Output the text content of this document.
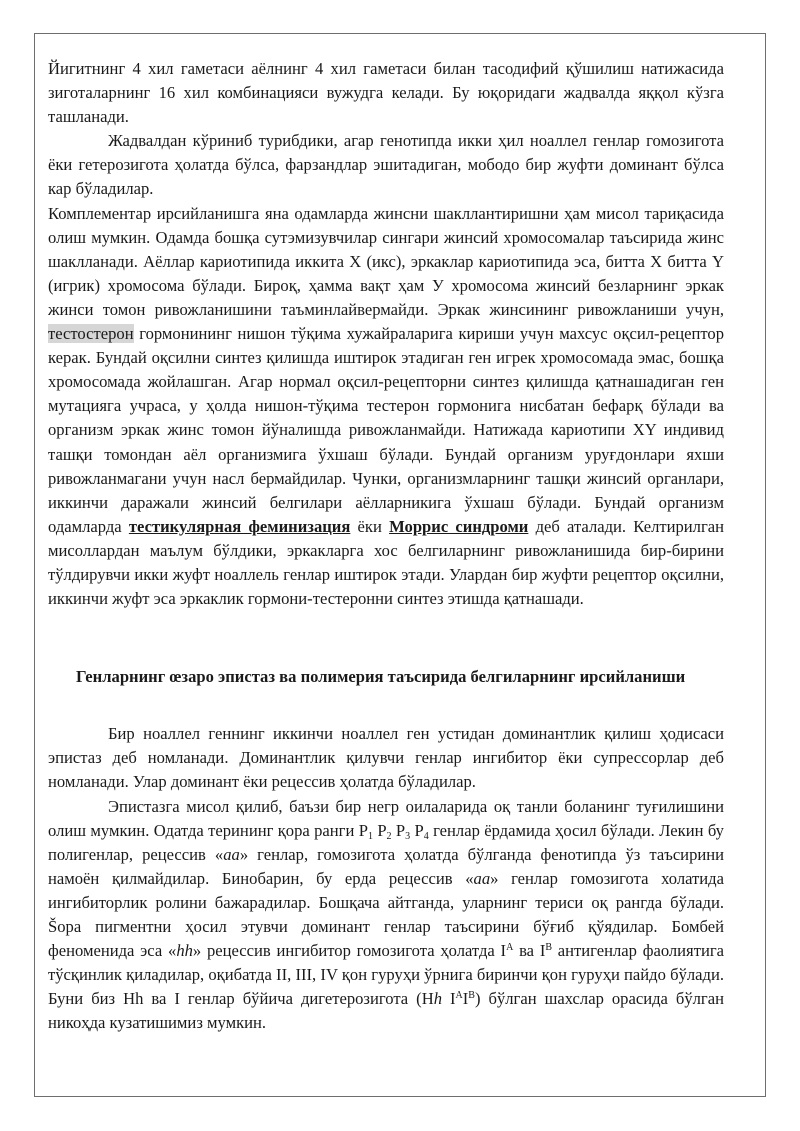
Йигитнинг 4 хил гаметаси аёлнинг 4 хил гаметаси билан тасодифий қўшилиш натижасида зиготаларнинг 16 хил комбинацияси вужудга келади. Бу юқоридаги жадвалда яққол кўзга ташланади.

Жадвалдан кўриниб турибдики, агар генотипда икки ҳил ноаллел генлар гомозигота ёки гетерозигота ҳолатда бўлса, фарзандлар эшитадиган, мободо бир жуфти доминант бўлса кар бўладилар.

Комплементар ирсийланишга яна одамларда жинсни шакллантиришни ҳам мисол тариқасида олиш мумкин. Одамда бошқа сутэмизувчилар сингари жинсий хромосомалар таъсирида жинс шаклланади. Аёллар кариотипида иккита X (икс), эркаклар кариотипида эса, битта X битта Y (игрик) хромосома бўлади. Бироқ, ҳамма вақт ҳам У хромосома жинсий безларнинг эркак жинси томон ривожланишини таъминлайвермайди. Эркак жинсининг ривожланиши учун, тестостерон гормонининг нишон тўқима хужайраларига кириши учун махсус оқсил-рецептор керак. Бундай оқсилни синтез қилишда иштирок этадиган ген игрек хромосомада эмас, бошқа хромосомада жойлашган. Агар нормал оқсил-рецепторни синтез қилишда қатнашадиган ген мутацияга учраса, у ҳолда нишон-тўқима тестерон гормонига нисбатан бефарқ бўлади ва организм эркак жинс томон йўналишда ривожланмайди. Натижада кариотипи XY индивид ташқи томондан аёл организмига ўхшаш бўлади. Бундай организм уруғдонлари яхши ривожланмагани учун насл бермайдилар. Чунки, организмларнинг ташқи жинсий органлари, иккинчи даражали жинсий белгилари аёлларникига ўхшаш бўлади. Бундай организм одамларда тестикулярная феминизация ёки Моррис синдроми деб аталади. Келтирилган мисоллардан маълум бўлдики, эркакларга хос белгиларнинг ривожланишида бир-бирини тўлдирувчи икки жуфт ноаллель генлар иштирок этади. Улардан бир жуфти рецептор оқсилни, иккинчи жуфт эса эркаклик гормони-тестеронни синтез этишда қатнашади.

Генларнинг œзаро эпистаз ва полимерия таъсирида белгиларнинг ирсийланиши

Бир ноаллел геннинг иккинчи ноаллел ген устидан доминантлик қилиш ҳодисаси эпистаз деб номланади. Доминантлик қилувчи генлар ингибитор ёки супрессорлар деб номланади. Улар доминант ёки рецессив ҳолатда бўладилар.

Эпистазга мисол қилиб, баъзи бир негр оилаларида оқ танли боланинг туғилишини олиш мумкин. Одатда терининг қора ранги $P_1$ $P_2$ $P_3$ $P_4$ генлар ёрдамида ҳосил бўлади. Лекин бу полигенлар, рецессив «аа» генлар, гомозигота ҳолатда бўлганда фенотипда ўз таъсирини намоён қилмайдилар. Бинобарин, бу ерда рецессив «аа» генлар гомозигота холатида ингибиторлик ролини бажарадилар. Бошқача айтганда, уларнинг териси оқ рангда бўлади. Šора пигментни ҳосил этувчи доминант генлар таъсирини бўғиб қўядилар. Бомбей феноменида эса «hh» рецессив ингибитор гомозигота ҳолатда $I^A$ ва $I^B$ антигенлар фаолиятига тўсқинлик қиладилар, оқибатда II, III, IV қон гуруҳи ўрнига биринчи қон гуруҳи пайдо бўлади. Буни биз Hh ва I генлар бўйича дигетерозигота (Hh $I^AI^B$) бўлган шахслар орасида бўлган никоҳда кузатишимиз мумкин.
